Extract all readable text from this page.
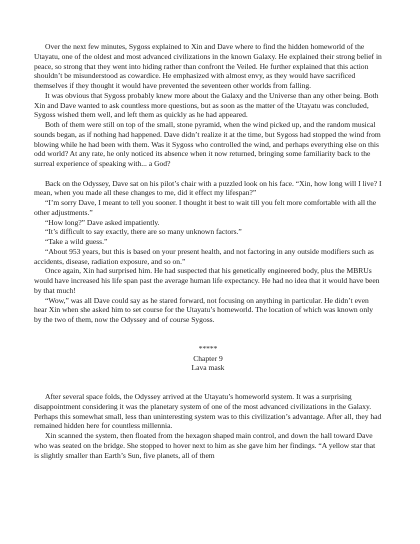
Over the next few minutes, Sygoss explained to Xin and Dave where to find the hidden homeworld of the Utayatu, one of the oldest and most advanced civilizations in the known Galaxy. He explained their strong belief in peace, so strong that they went into hiding rather than confront the Veiled. He further explained that this action shouldn’t be misunderstood as cowardice. He emphasized with almost envy, as they would have sacrificed themselves if they thought it would have prevented the seventeen other worlds from falling.

It was obvious that Sygoss probably knew more about the Galaxy and the Universe than any other being. Both Xin and Dave wanted to ask countless more questions, but as soon as the matter of the Utayatu was concluded, Sygoss wished them well, and left them as quickly as he had appeared.

Both of them were still on top of the small, stone pyramid, when the wind picked up, and the random musical sounds began, as if nothing had happened. Dave didn’t realize it at the time, but Sygoss had stopped the wind from blowing while he had been with them. Was it Sygoss who controlled the wind, and perhaps everything else on this odd world? At any rate, he only noticed its absence when it now returned, bringing some familiarity back to the surreal experience of speaking with... a God?

Back on the Odyssey, Dave sat on his pilot’s chair with a puzzled look on his face. “Xin, how long will I live? I mean, when you made all these changes to me, did it effect my lifespan?”

“I’m sorry Dave, I meant to tell you sooner. I thought it best to wait till you felt more comfortable with all the other adjustments.”

“How long?” Dave asked impatiently.

“It’s difficult to say exactly, there are so many unknown factors.”

“Take a wild guess.”

“About 953 years, but this is based on your present health, and not factoring in any outside modifiers such as accidents, disease, radiation exposure, and so on.”

Once again, Xin had surprised him. He had suspected that his genetically engineered body, plus the MBRUs would have increased his life span past the average human life expectancy. He had no idea that it would have been by that much!

“Wow,” was all Dave could say as he stared forward, not focusing on anything in particular. He didn’t even hear Xin when she asked him to set course for the Utayatu’s homeworld. The location of which was known only by the two of them, now the Odyssey and of course Sygoss.

*****

Chapter 9

Lava mask

After several space folds, the Odyssey arrived at the Utayatu’s homeworld system. It was a surprising disappointment considering it was the planetary system of one of the most advanced civilizations in the Galaxy. Perhaps this somewhat small, less than uninteresting system was to this civilization’s advantage. After all, they had remained hidden here for countless millennia.

Xin scanned the system, then floated from the hexagon shaped main control, and down the hall toward Dave who was seated on the bridge. She stopped to hover next to him as she gave him her findings. “A yellow star that is slightly smaller than Earth’s Sun, five planets, all of them
